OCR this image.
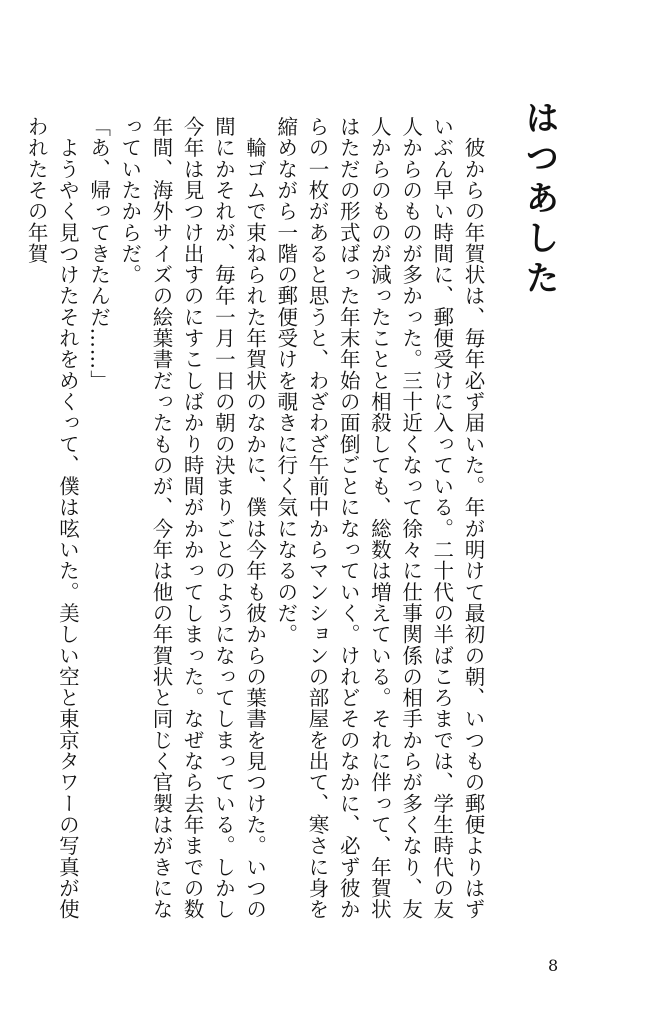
はつあした
　彼からの年賀状は、毎年必ず届いた。年が明けて最初の朝、いつもの郵便よりはずいぶん早い時間に、郵便受けに入っている。二十代の半ばころまでは、学生時代の友人からのものが多かった。三十近くなって徐々に仕事関係の相手からが多くなり、友人からのものが減ったことと相殺しても、総数は増えている。それに伴って、年賀状はただの形式ばった年末年始の面倒ごとになっていく。けれどそのなかに、必ず彼からの一枚があると思うと、わざわざ午前中からマンションの部屋を出て、寒さに身を縮めながら一階の郵便受けを覗きに行く気になるのだ。
　輪ゴムで束ねられた年賀状のなかに、僕は今年も彼からの葉書を見つけた。いつの間にかそれが、毎年一月一日の朝の決まりごとのようになってしまっている。しかし今年は見つけ出すのにすこしばかり時間がかかってしまった。なぜなら去年までの数年間、海外サイズの絵葉書だったものが、今年は他の年賀状と同じく官製はがきになっていたからだ。
「あ、帰ってきたんだ……」
　ようやく見つけたそれをめくって、僕は呟いた。美しい空と東京タワーの写真が使われたその年賀
8
